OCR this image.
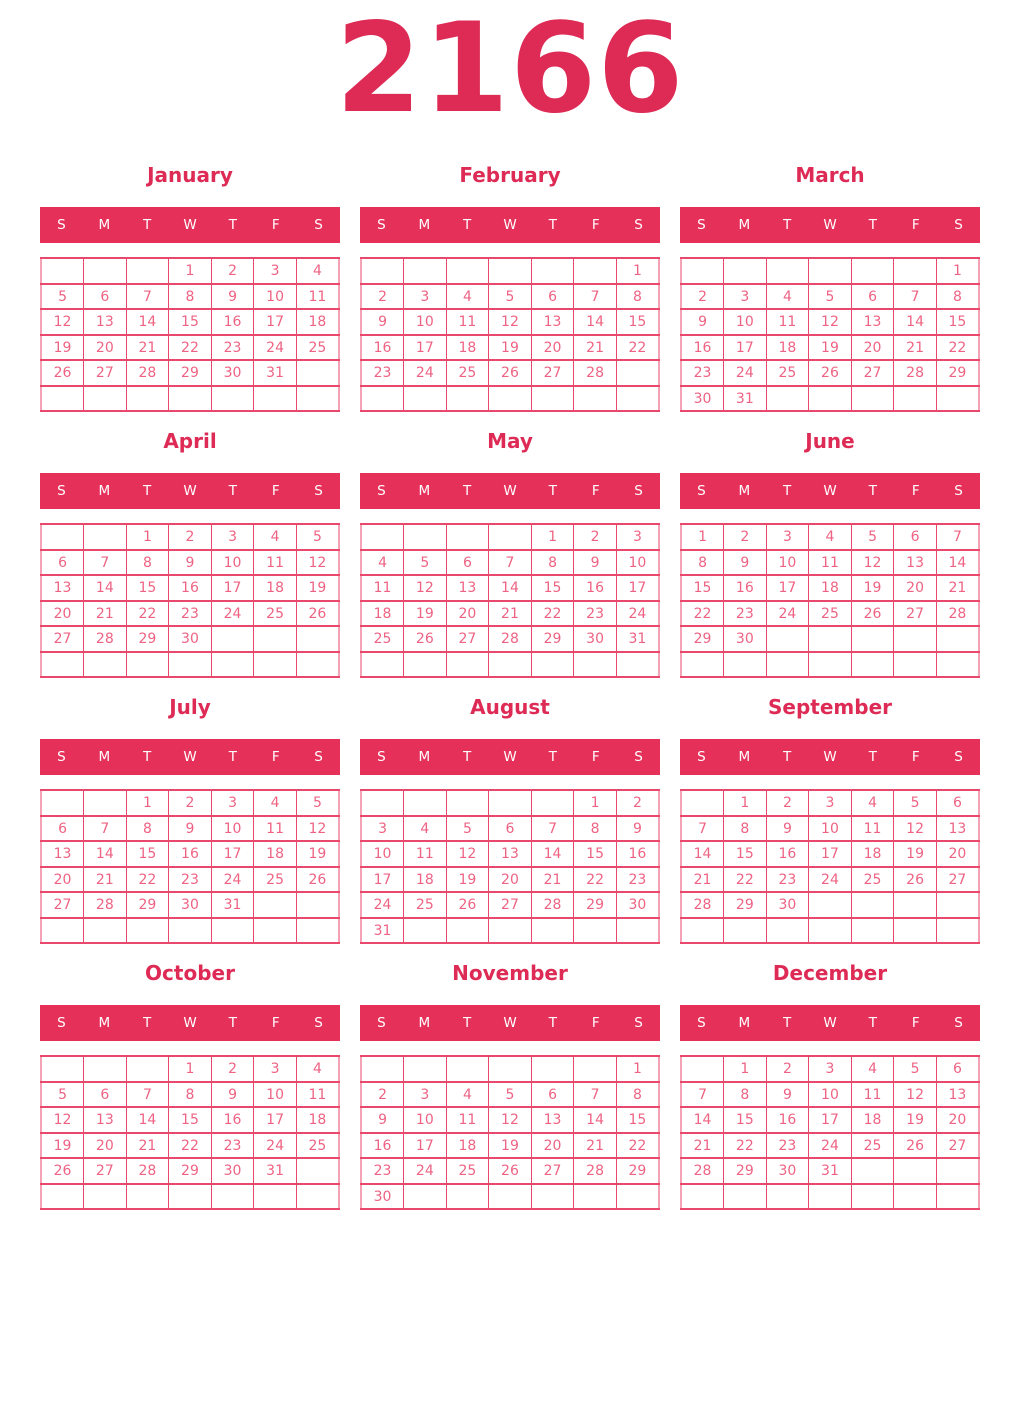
2166
January
S	M	T	W	T	F	S
			1	2	3	4
5	6	7	8	9	10	11
12	13	14	15	16	17	18
19	20	21	22	23	24	25
26	27	28	29	30	31	

February
S	M	T	W	T	F	S
						1
2	3	4	5	6	7	8
9	10	11	12	13	14	15
16	17	18	19	20	21	22
23	24	25	26	27	28	

March
S	M	T	W	T	F	S
						1
2	3	4	5	6	7	8
9	10	11	12	13	14	15
16	17	18	19	20	21	22
23	24	25	26	27	28	29
30	31					
April
S	M	T	W	T	F	S
		1	2	3	4	5
6	7	8	9	10	11	12
13	14	15	16	17	18	19
20	21	22	23	24	25	26
27	28	29	30			

May
S	M	T	W	T	F	S
				1	2	3
4	5	6	7	8	9	10
11	12	13	14	15	16	17
18	19	20	21	22	23	24
25	26	27	28	29	30	31

June
S	M	T	W	T	F	S
1	2	3	4	5	6	7
8	9	10	11	12	13	14
15	16	17	18	19	20	21
22	23	24	25	26	27	28
29	30					

July
S	M	T	W	T	F	S
		1	2	3	4	5
6	7	8	9	10	11	12
13	14	15	16	17	18	19
20	21	22	23	24	25	26
27	28	29	30	31		

August
S	M	T	W	T	F	S
					1	2
3	4	5	6	7	8	9
10	11	12	13	14	15	16
17	18	19	20	21	22	23
24	25	26	27	28	29	30
31						
September
S	M	T	W	T	F	S
	1	2	3	4	5	6
7	8	9	10	11	12	13
14	15	16	17	18	19	20
21	22	23	24	25	26	27
28	29	30				

October
S	M	T	W	T	F	S
			1	2	3	4
5	6	7	8	9	10	11
12	13	14	15	16	17	18
19	20	21	22	23	24	25
26	27	28	29	30	31	

November
S	M	T	W	T	F	S
						1
2	3	4	5	6	7	8
9	10	11	12	13	14	15
16	17	18	19	20	21	22
23	24	25	26	27	28	29
30						
December
S	M	T	W	T	F	S
	1	2	3	4	5	6
7	8	9	10	11	12	13
14	15	16	17	18	19	20
21	22	23	24	25	26	27
28	29	30	31			
